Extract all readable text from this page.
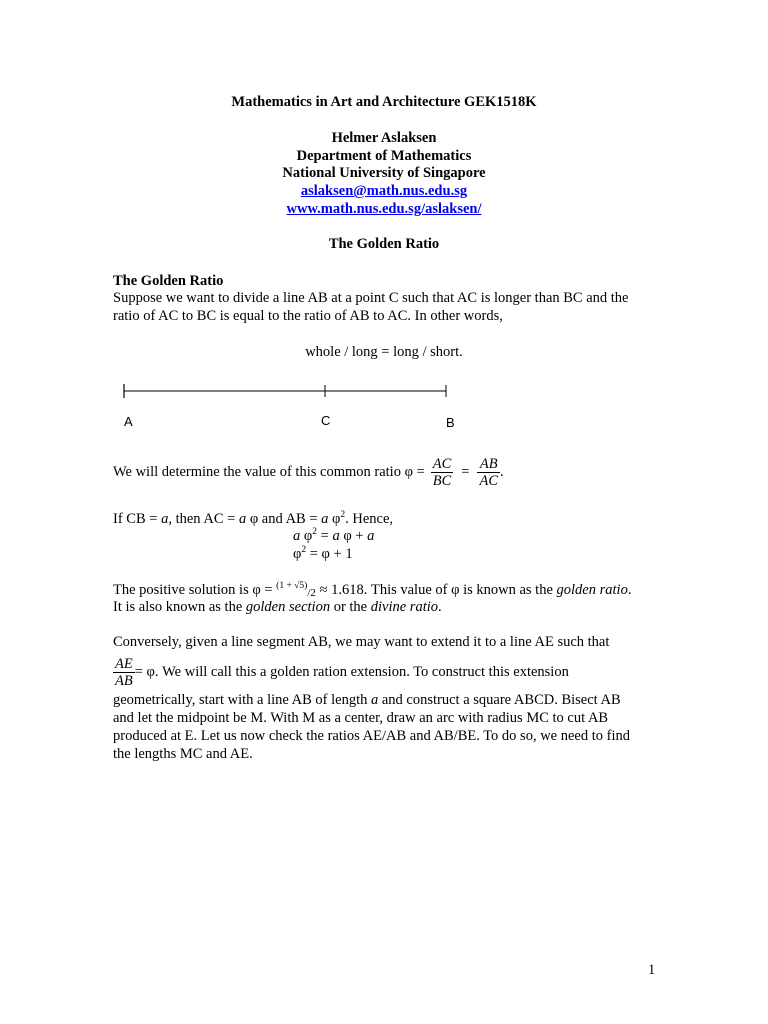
Mathematics in Art and Architecture GEK1518K
Helmer Aslaksen
Department of Mathematics
National University of Singapore
aslaksen@math.nus.edu.sg
www.math.nus.edu.sg/aslaksen/
The Golden Ratio
The Golden Ratio
Suppose we want to divide a line AB at a point C such that AC is longer than BC and the
ratio of AC to BC is equal to the ratio of AB to AC. In other words,
whole / long = long / short.
A	C	B
We will determine the value of this common ratio $\varphi = \frac{AC}{BC} = \frac{AB}{AC}$ .
If CB = a, then AC = a φ and AB = a $\varphi^2$. Hence,
a $\varphi^2 = a$ φ + a
$\varphi^2 = \varphi + 1$
The positive solution is φ = $^{(1 + √5)}$/2 ≈ 1.618. This value of φ is known as the golden ratio.
It is also known as the golden section or the divine ratio.
Conversely, given a line segment AB, we may want to extend it to a line AE such that
$\frac{AE}{AB} = \varphi$. We will call this a golden ration extension. To construct this extension
geometrically, start with a line AB of length a and construct a square ABCD. Bisect AB
and let the midpoint be M. With M as a center, draw an arc with radius MC to cut AB
produced at E. Let us now check the ratios AE/AB and AB/BE. To do so, we need to find
the lengths MC and AE.
1
